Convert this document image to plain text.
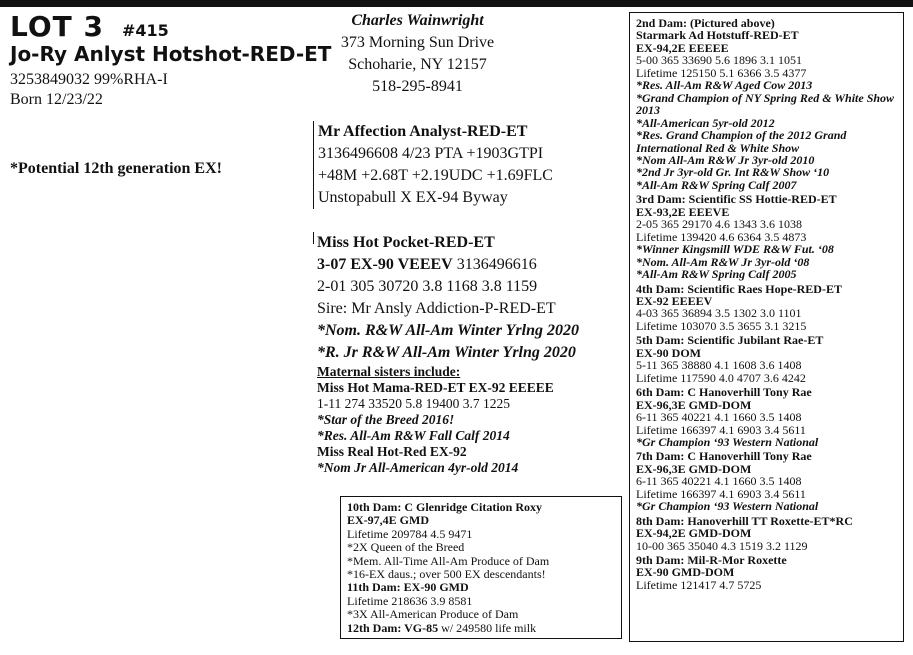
LOT 3 #415
Jo-Ry Anlyst Hotshot-RED-ET
3253849032 99%RHA-I
Born 12/23/22
*Potential 12th generation EX!
Charles Wainwright
373 Morning Sun Drive
Schoharie, NY 12157
518-295-8941
Mr Affection Analyst-RED-ET
3136496608 4/23 PTA +1903GTPI
+48M +2.68T +2.19UDC +1.69FLC
Unstopabull X EX-94 Byway
Miss Hot Pocket-RED-ET
3-07 EX-90 VEEEV 3136496616
2-01 305 30720 3.8 1168 3.8 1159
Sire: Mr Ansly Addiction-P-RED-ET
*Nom. R&W All-Am Winter Yrlng 2020
*R. Jr R&W All-Am Winter Yrlng 2020
Maternal sisters include:
Miss Hot Mama-RED-ET EX-92 EEEEE
1-11 274 33520 5.8 19400 3.7 1225
*Star of the Breed 2016!
*Res. All-Am R&W Fall Calf 2014
Miss Real Hot-Red EX-92
*Nom Jr All-American 4yr-old 2014
10th Dam: C Glenridge Citation Roxy
EX-97,4E GMD
Lifetime 209784 4.5 9471
*2X Queen of the Breed
*Mem. All-Time All-Am Produce of Dam
*16-EX daus.; over 500 EX descendants!
11th Dam: EX-90 GMD
Lifetime 218636 3.9 8581
*3X All-American Produce of Dam
12th Dam: VG-85 w/ 249580 life milk
2nd Dam: (Pictured above)
Starmark Ad Hotstuff-RED-ET
EX-94,2E EEEEE
5-00 365 33690 5.6 1896 3.1 1051
Lifetime 125150 5.1 6366 3.5 4377
*Res. All-Am R&W Aged Cow 2013
*Grand Champion of NY Spring Red & White Show 2013
*All-American 5yr-old 2012
*Res. Grand Champion of the 2012 Grand International Red & White Show
*Nom All-Am R&W Jr 3yr-old 2010
*2nd Jr 3yr-old Gr. Int R&W Show ‘10
*All-Am R&W Spring Calf 2007
3rd Dam: Scientific SS Hottie-RED-ET
EX-93,2E EEEVE
2-05 365 29170 4.6 1343 3.6 1038
Lifetime 139420 4.6 6364 3.5 4873
*Winner Kingsmill WDE R&W Fut. ‘08
*Nom. All-Am R&W Jr 3yr-old ‘08
*All-Am R&W Spring Calf 2005
4th Dam: Scientific Raes Hope-RED-ET
EX-92 EEEEV
4-03 365 36894 3.5 1302 3.0 1101
Lifetime 103070 3.5 3655 3.1 3215
5th Dam: Scientific Jubilant Rae-ET
EX-90 DOM
5-11 365 38880 4.1 1608 3.6 1408
Lifetime 117590 4.0 4707 3.6 4242
6th Dam: C Hanoverhill Tony Rae
EX-96,3E GMD-DOM
6-11 365 40221 4.1 1660 3.5 1408
Lifetime 166397 4.1 6903 3.4 5611
*Gr Champion ‘93 Western National
7th Dam: C Hanoverhill Tony Rae
EX-96,3E GMD-DOM
6-11 365 40221 4.1 1660 3.5 1408
Lifetime 166397 4.1 6903 3.4 5611
*Gr Champion ‘93 Western National
8th Dam: Hanoverhill TT Roxette-ET*RC
EX-94,2E GMD-DOM
10-00 365 35040 4.3 1519 3.2 1129
9th Dam: Mil-R-Mor Roxette
EX-90 GMD-DOM
Lifetime 121417 4.7 5725
